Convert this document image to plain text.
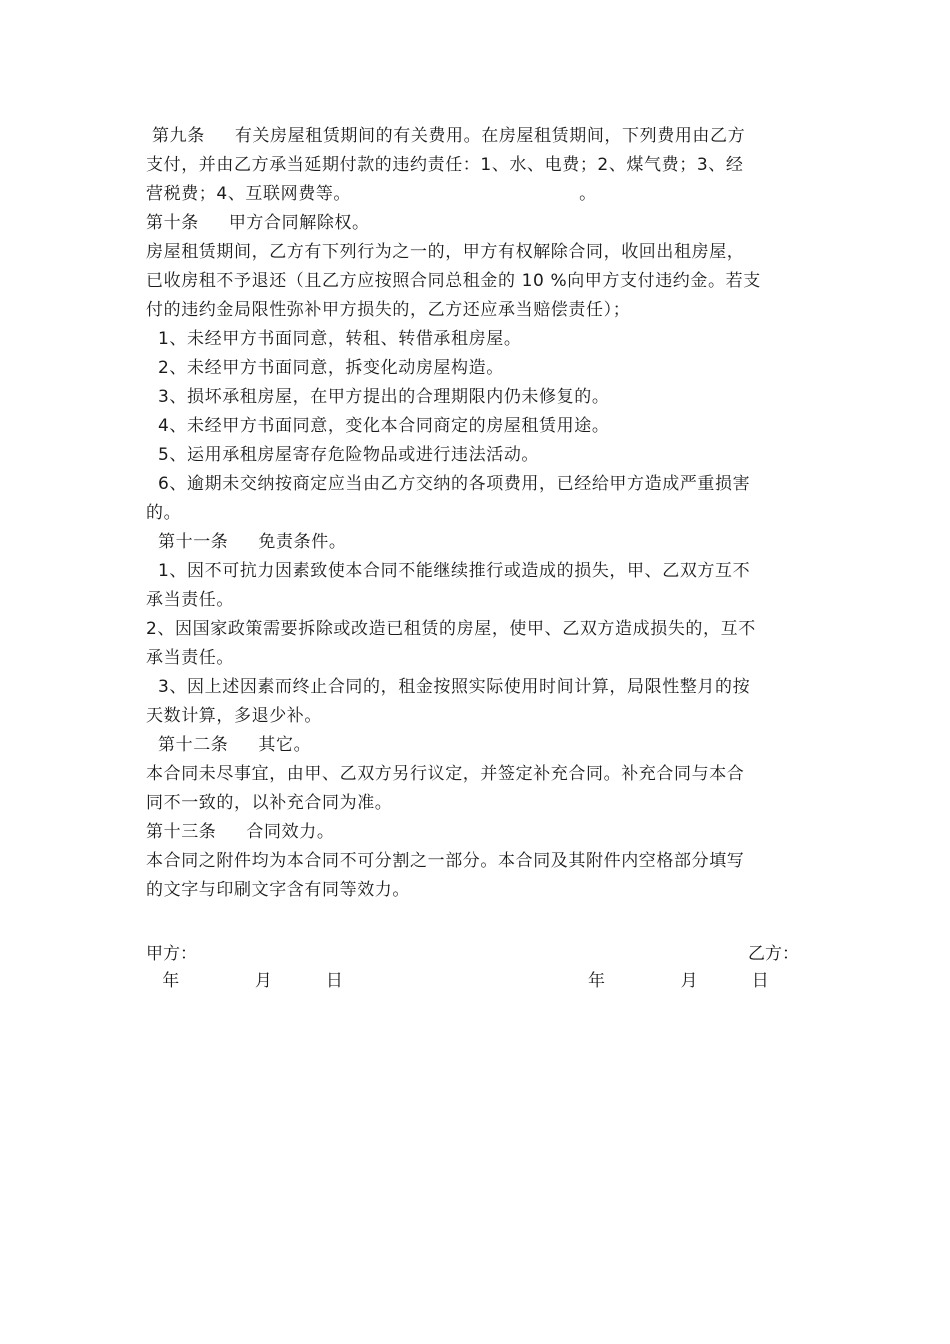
第九条     有关房屋租赁期间的有关费用。在房屋租赁期间，下列费用由乙方
支付，并由乙方承当延期付款的违约责任：1、水、电费；2、煤气费；3、经
营税费；4、互联网费等。                                      。
第十条     甲方合同解除权。
房屋租赁期间，乙方有下列行为之一的，甲方有权解除合同，收回出租房屋，
已收房租不予退还（且乙方应按照合同总租金的 10 %向甲方支付违约金。若支
付的违约金局限性弥补甲方损失的，乙方还应承当赔偿责任）；
1、未经甲方书面同意，转租、转借承租房屋。
2、未经甲方书面同意，拆变化动房屋构造。
3、损坏承租房屋，在甲方提出的合理期限内仍未修复的。
4、未经甲方书面同意，变化本合同商定的房屋租赁用途。
5、运用承租房屋寄存危险物品或进行违法活动。
6、逾期未交纳按商定应当由乙方交纳的各项费用，已经给甲方造成严重损害
的。
第十一条     免责条件。
1、因不可抗力因素致使本合同不能继续推行或造成的损失，甲、乙双方互不
承当责任。
2、因国家政策需要拆除或改造已租赁的房屋，使甲、乙双方造成损失的，互不
承当责任。
3、因上述因素而终止合同的，租金按照实际使用时间计算，局限性整月的按
天数计算，多退少补。
第十二条     其它。
本合同未尽事宜，由甲、乙双方另行议定，并签定补充合同。补充合同与本合
同不一致的，以补充合同为准。
第十三条     合同效力。
本合同之附件均为本合同不可分割之一部分。本合同及其附件内空格部分填写
的文字与印刷文字含有同等效力。
甲方：	乙方：
年              月          日	年              月          日
